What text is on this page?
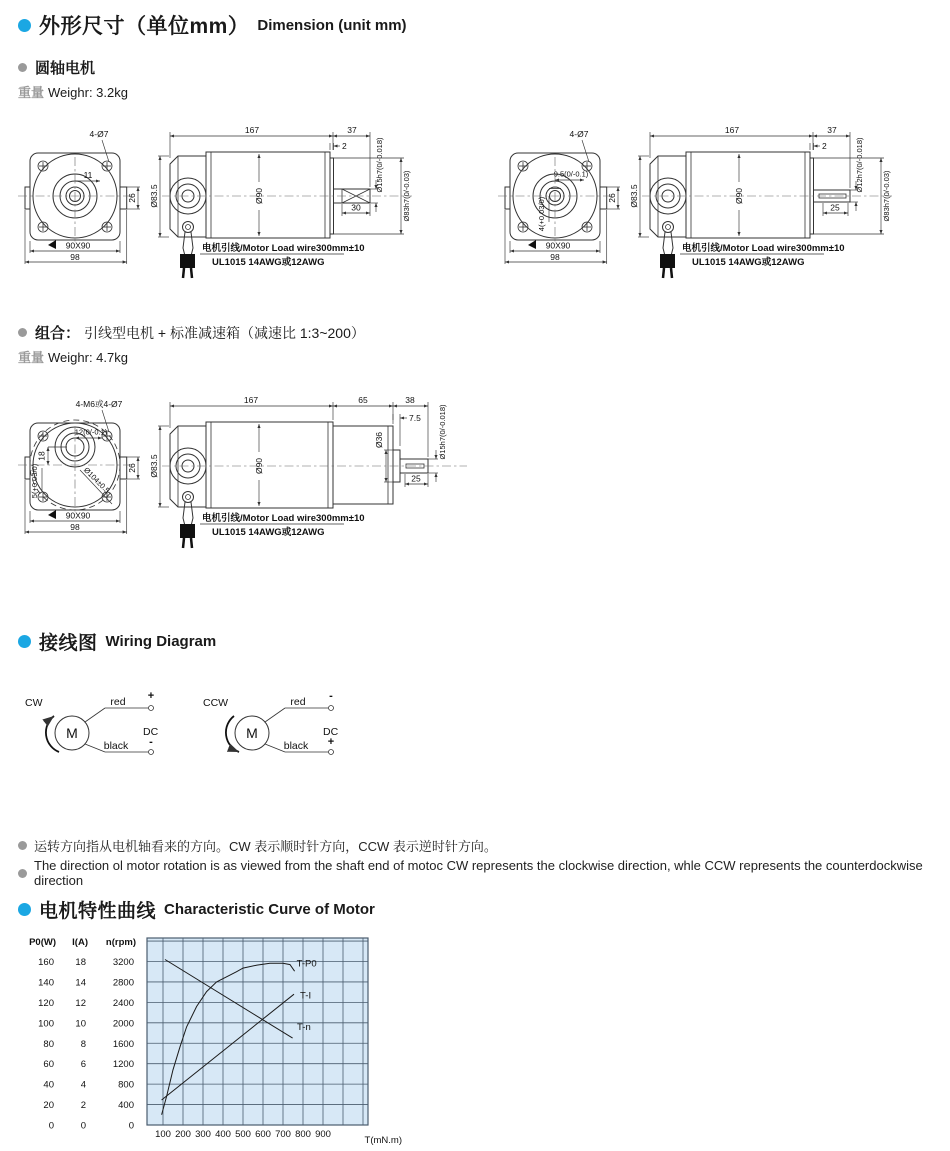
外形尺寸（单位mm） Dimension (unit mm)
圆轴电机
重量 Weighr: 3.2kg
4-Ø7
11
26
90X90
98
167	37
2
30
Ø83.5	Ø90
Ø15h7(0/-0.018)
Ø83h7(0/-0.03)
电机引线/Motor Load wire300mm±10
UL1015 14AWG或12AWG
4-Ø7
9.5(0/-0.1)
4(+0.03/0)	26
90X90
98
167	37
2
25
Ø83.5	Ø90
Ø12h7(0/-0.018)
Ø83h7(0/-0.03)
电机引线/Motor Load wire300mm±10
UL1015 14AWG或12AWG
组合： 引线型电机 + 标准减速箱（减速比 1:3~200）
重量 Weighr: 4.7kg
4-M6或4-Ø7
12(0/-0.1)
18
5(+0.03/0)	Ø104±0.5 26
90X90
98
167	65	38
7.5
25
Ø83.5	Ø90
Ø36	Ø15h7(0/-0.018)
电机引线/Motor Load wire300mm±10
UL1015 14AWG或12AWG
接线图 Wiring Diagram
CW
M
red +
black -
DC
CCW
M
red -
black +
DC
运转方向指从电机轴看来的方向。CW 表示顺时针方向，CCW 表示逆时针方向。
The direction ol motor rotation is as viewed from the shaft end of motoc CW represents the clockwise direction, whle CCW represents the counterdockwise direction
电机特性曲线 Characteristic Curve of Motor
P0(W) I(A) n(rpm)
160 18	3200
140 14	2800
120 12	2400
100 10	2000
80	8	1600
60	6	1200
40	4	800
20	2	400
0	0	0
100 200 300 400 500 600 700 800 900
T(mN.m)
T-P0
T-I
T-n
